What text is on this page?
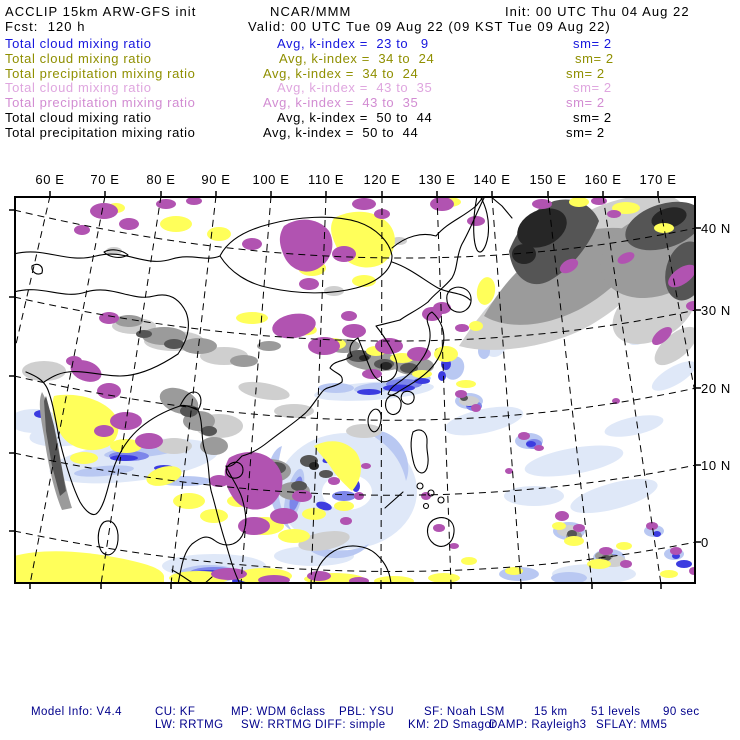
ACCLIP 15km ARW-GFS init	NCAR/MMM	Init: 00 UTC Thu 04 Aug 22
Fcst:  120 h	Valid: 00 UTC Tue 09 Aug 22 (09 KST Tue 09 Aug 22)
Total cloud mixing ratio	Avg, k-index =  23 to   9	sm= 2
Total cloud mixing ratio	Avg, k-index =  34 to  24	sm= 2
Total precipitation mixing ratio	Avg, k-index =  34 to  24	sm= 2
Total cloud mixing ratio	Avg, k-index =  43 to  35	sm= 2
Total precipitation mixing ratio	Avg, k-index =  43 to  35	sm= 2
Total cloud mixing ratio	Avg, k-index =  50 to  44	sm= 2
Total precipitation mixing ratio	Avg, k-index =  50 to  44	sm= 2
60 E 70 E 80 E 90 E 100 E 110 E 120 E 130 E 140 E 150 E 160 E 170 E
40 N
30 N
20 N
10 N
0
Model Info: V4.4	CU: KF	MP: WDM 6class PBL: YSU	SF: Noah LSM	15 km 51 levels 90 sec
LW: RRTMG SW: RRTMG DIFF: simple KM: 2D Smagor
DAMP: Rayleigh3 SFLAY: MM5
